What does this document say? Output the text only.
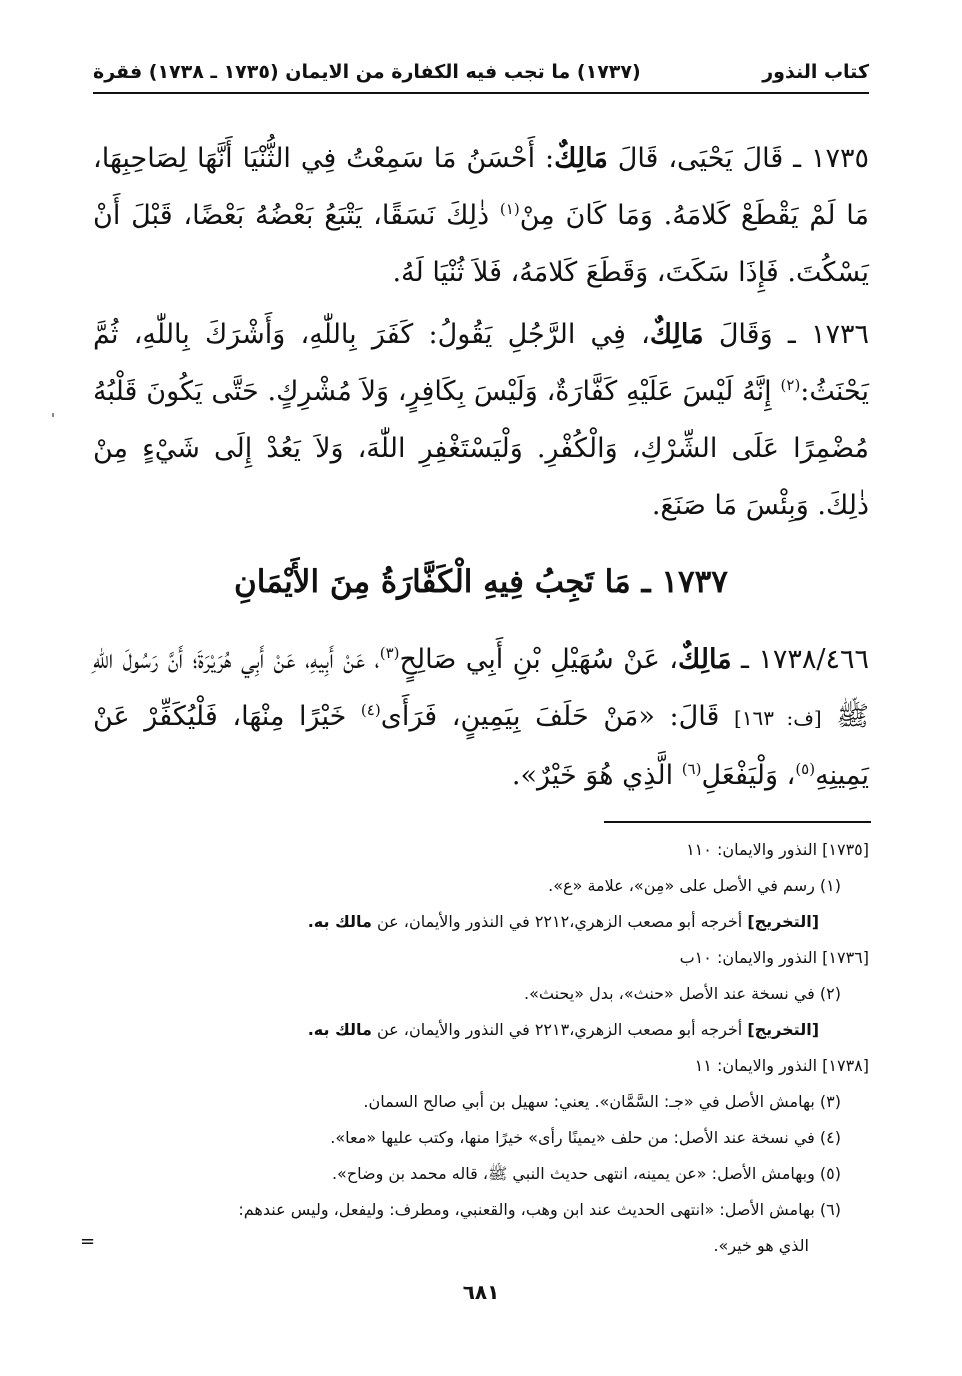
كتاب النذور
(١٧٣٧) ما تجب فيه الكفارة من الايمان (١٧٣٥ ـ ١٧٣٨) فقرة
١٧٣٥ ـ قَالَ يَحْيَى، قَالَ مَالِكٌ: أَحْسَنُ مَا سَمِعْتُ فِي الثُّنْيَا أَنَّهَا لِصَاحِبِهَا، مَا لَمْ يَقْطَعْ كَلامَهُ. وَمَا كَانَ مِنْ$^{(١)}$ ذٰلِكَ نَسَقًا، يَتْبَعُ بَعْضُهُ بَعْضًا، قَبْلَ أَنْ يَسْكُتَ. فَإِذَا سَكَتَ، وَقَطَعَ كَلامَهُ، فَلاَ ثُنْيَا لَهُ.
١٧٣٦ ـ وَقَالَ مَالِكٌ، فِي الرَّجُلِ يَقُولُ: كَفَرَ بِاللّٰهِ، وَأَشْرَكَ بِاللّٰهِ، ثُمَّ يَحْنَثُ:$^{(٢)}$ إِنَّهُ لَيْسَ عَلَيْهِ كَفَّارَةٌ، وَلَيْسَ بِكَافِرٍ، وَلاَ مُشْرِكٍ. حَتَّى يَكُونَ قَلْبُهُ مُضْمِرًا عَلَى الشِّرْكِ، وَالْكُفْرِ. وَلْيَسْتَغْفِرِ اللّٰهَ، وَلاَ يَعُدْ إِلَى شَيْءٍ مِنْ ذٰلِكَ. وَبِئْسَ مَا صَنَعَ.
١٧٣٧ ـ مَا تَجِبُ فِيهِ الْكَفَّارَةُ مِنَ الأَيْمَانِ
١٧٣٨/٤٦٦ ـ مَالِكٌ، عَنْ سُهَيْلِ بْنِ أَبِي صَالِحٍ$^{(٣)}$، عَنْ أَبِيهِ، عَنْ أَبِي هُرَيْرَةَ؛ أَنَّ رَسُولَ اللّٰهِ ﷺ [ف: ١٦٣] قَالَ: «مَنْ حَلَفَ بِيَمِينٍ، فَرَأَى$^{(٤)}$ خَيْرًا مِنْهَا، فَلْيُكَفِّرْ عَنْ يَمِينِهِ$^{(٥)}$، وَلْيَفْعَلِ$^{(٦)}$ الَّذِي هُوَ خَيْرٌ».
[١٧٣٥] النذور والايمان: ١١٠
(١) رسم في الأصل على «مِن»، علامة «ع».
[التخريج] أخرجه أبو مصعب الزهري،٢٢١٢ في النذور والأيمان، عن مالك به.
[١٧٣٦] النذور والايمان: ١٠ب
(٢) في نسخة عند الأصل «حنث»، بدل «يحنث».
[التخريج] أخرجه أبو مصعب الزهري،٢٢١٣ في النذور والأيمان، عن مالك به.
[١٧٣٨] النذور والايمان: ١١
(٣) بهامش الأصل في «جـ: السَّمَّان». يعني: سهيل بن أبي صالح السمان.
(٤) في نسخة عند الأصل: من حلف «يمينًا رأى» خيرًا منها، وكتب عليها «معا».
(٥) وبهامش الأصل: «عن يمينه، انتهى حديث النبي ﷺ، قاله محمد بن وضاح».
(٦) بهامش الأصل: «انتهى الحديث عند ابن وهب، والقعنبي، ومطرف: وليفعل، وليس عندهم:
الذي هو خير».
=
٦٨١
